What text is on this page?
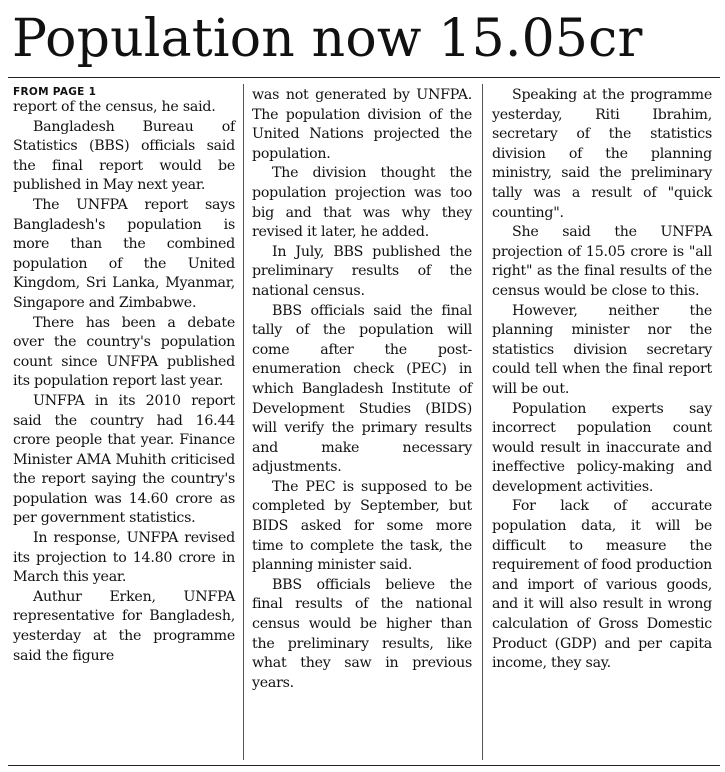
Population now 15.05cr
FROM PAGE 1

report of the census, he said.

Bangladesh Bureau of Statistics (BBS) officials said the final report would be published in May next year.

The UNFPA report says Bangladesh's population is more than the combined population of the United Kingdom, Sri Lanka, Myanmar, Singapore and Zimbabwe.

There has been a debate over the country's population count since UNFPA published its population report last year.

UNFPA in its 2010 report said the country had 16.44 crore people that year. Finance Minister AMA Muhith criticised the report saying the country's population was 14.60 crore as per government statistics.

In response, UNFPA revised its projection to 14.80 crore in March this year.

Authur Erken, UNFPA representative for Bangladesh, yesterday at the programme said the figure

was not generated by UNFPA. The population division of the United Nations projected the population.

The division thought the population projection was too big and that was why they revised it later, he added.

In July, BBS published the preliminary results of the national census.

BBS officials said the final tally of the population will come after the post-enumeration check (PEC) in which Bangladesh Institute of Development Studies (BIDS) will verify the primary results and make necessary adjustments.

The PEC is supposed to be completed by September, but BIDS asked for some more time to complete the task, the planning minister said.

BBS officials believe the final results of the national census would be higher than the preliminary results, like what they saw in previous years.

Speaking at the programme yesterday, Riti Ibrahim, secretary of the statistics division of the planning ministry, said the preliminary tally was a result of "quick counting".

She said the UNFPA projection of 15.05 crore is "all right" as the final results of the census would be close to this.

However, neither the planning minister nor the statistics division secretary could tell when the final report will be out.

Population experts say incorrect population count would result in inaccurate and ineffective policy-making and development activities.

For lack of accurate population data, it will be difficult to measure the requirement of food production and import of various goods, and it will also result in wrong calculation of Gross Domestic Product (GDP) and per capita income, they say.
